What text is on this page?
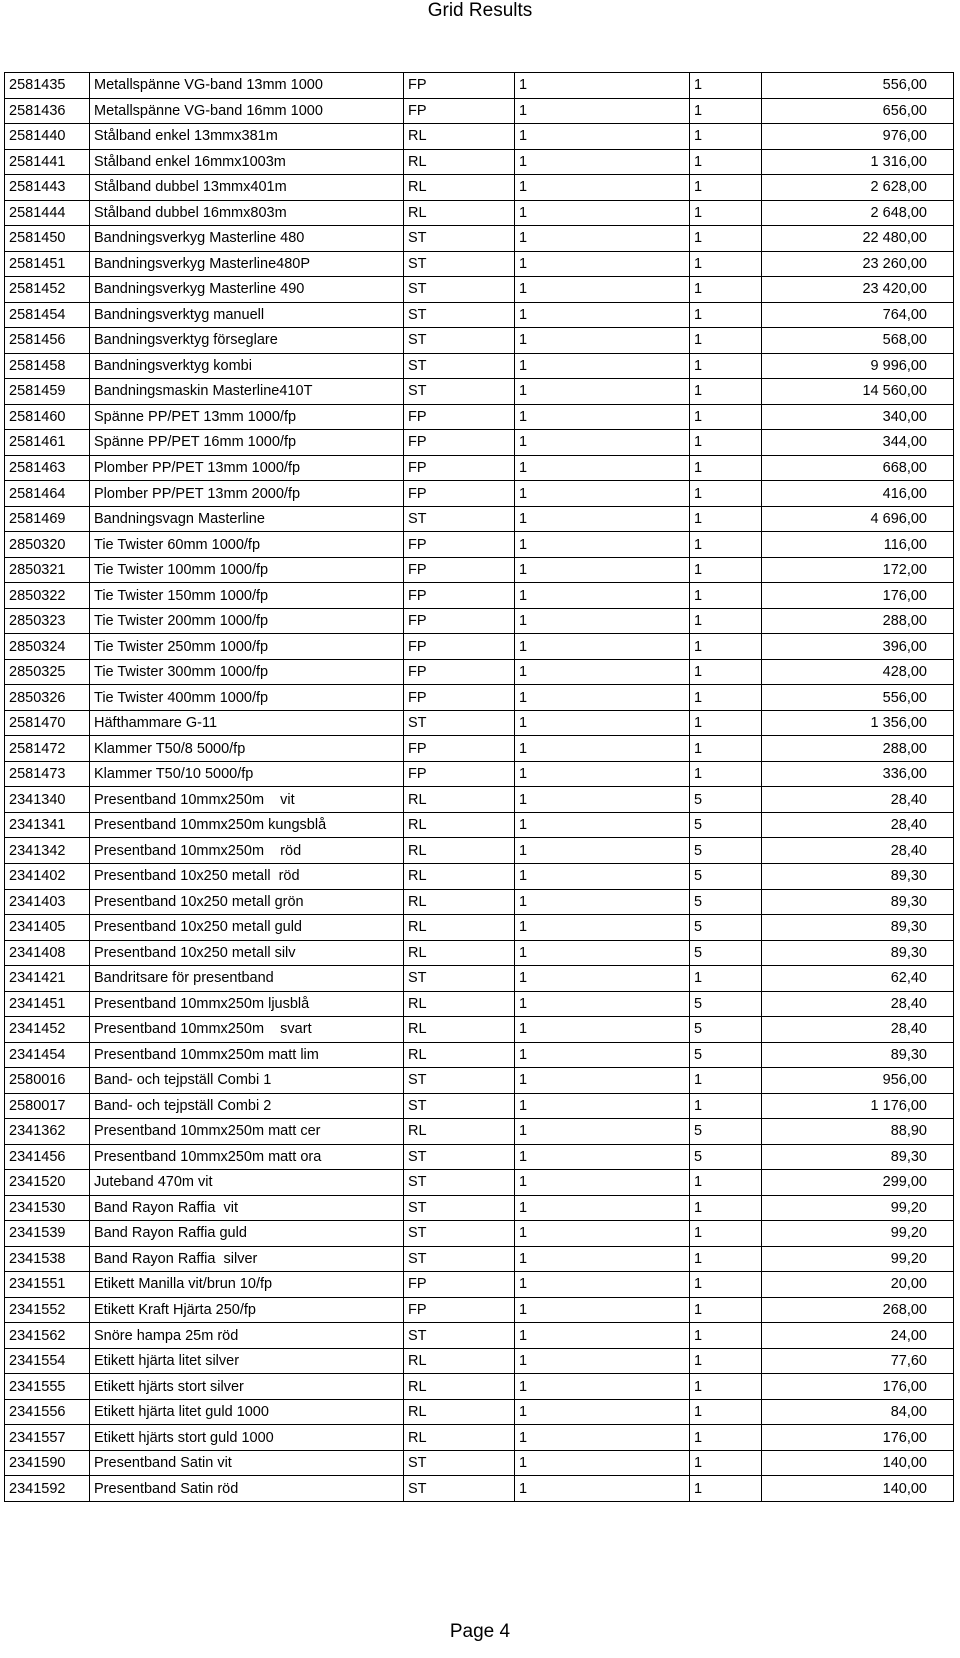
Grid Results
2581435	Metallspänne VG-band 13mm 1000	FP	1	1	556,00
2581436	Metallspänne VG-band 16mm 1000	FP	1	1	656,00
2581440	Stålband enkel 13mmx381m	RL	1	1	976,00
2581441	Stålband enkel 16mmx1003m	RL	1	1	1 316,00
2581443	Stålband dubbel 13mmx401m	RL	1	1	2 628,00
2581444	Stålband dubbel 16mmx803m	RL	1	1	2 648,00
2581450	Bandningsverkyg Masterline 480	ST	1	1	22 480,00
2581451	Bandningsverkyg Masterline480P	ST	1	1	23 260,00
2581452	Bandningsverkyg Masterline 490	ST	1	1	23 420,00
2581454	Bandningsverktyg manuell	ST	1	1	764,00
2581456	Bandningsverktyg förseglare	ST	1	1	568,00
2581458	Bandningsverktyg kombi	ST	1	1	9 996,00
2581459	Bandningsmaskin Masterline410T	ST	1	1	14 560,00
2581460	Spänne PP/PET 13mm 1000/fp	FP	1	1	340,00
2581461	Spänne PP/PET 16mm 1000/fp	FP	1	1	344,00
2581463	Plomber PP/PET 13mm 1000/fp	FP	1	1	668,00
2581464	Plomber PP/PET 13mm 2000/fp	FP	1	1	416,00
2581469	Bandningsvagn Masterline	ST	1	1	4 696,00
2850320	Tie Twister 60mm 1000/fp	FP	1	1	116,00
2850321	Tie Twister 100mm 1000/fp	FP	1	1	172,00
2850322	Tie Twister 150mm 1000/fp	FP	1	1	176,00
2850323	Tie Twister 200mm 1000/fp	FP	1	1	288,00
2850324	Tie Twister 250mm 1000/fp	FP	1	1	396,00
2850325	Tie Twister 300mm 1000/fp	FP	1	1	428,00
2850326	Tie Twister 400mm 1000/fp	FP	1	1	556,00
2581470	Häfthammare G-11	ST	1	1	1 356,00
2581472	Klammer T50/8 5000/fp	FP	1	1	288,00
2581473	Klammer T50/10 5000/fp	FP	1	1	336,00
2341340	Presentband 10mmx250m    vit	RL	1	5	28,40
2341341	Presentband 10mmx250m kungsblå	RL	1	5	28,40
2341342	Presentband 10mmx250m    röd	RL	1	5	28,40
2341402	Presentband 10x250 metall  röd	RL	1	5	89,30
2341403	Presentband 10x250 metall grön	RL	1	5	89,30
2341405	Presentband 10x250 metall guld	RL	1	5	89,30
2341408	Presentband 10x250 metall silv	RL	1	5	89,30
2341421	Bandritsare för presentband	ST	1	1	62,40
2341451	Presentband 10mmx250m ljusblå	RL	1	5	28,40
2341452	Presentband 10mmx250m    svart	RL	1	5	28,40
2341454	Presentband 10mmx250m matt lim	RL	1	5	89,30
2580016	Band- och tejpställ Combi 1	ST	1	1	956,00
2580017	Band- och tejpställ Combi 2	ST	1	1	1 176,00
2341362	Presentband 10mmx250m matt cer	RL	1	5	88,90
2341456	Presentband 10mmx250m matt ora	ST	1	5	89,30
2341520	Juteband 470m vit	ST	1	1	299,00
2341530	Band Rayon Raffia  vit	ST	1	1	99,20
2341539	Band Rayon Raffia guld	ST	1	1	99,20
2341538	Band Rayon Raffia  silver	ST	1	1	99,20
2341551	Etikett Manilla vit/brun 10/fp	FP	1	1	20,00
2341552	Etikett Kraft Hjärta 250/fp	FP	1	1	268,00
2341562	Snöre hampa 25m röd	ST	1	1	24,00
2341554	Etikett hjärta litet silver	RL	1	1	77,60
2341555	Etikett hjärts stort silver	RL	1	1	176,00
2341556	Etikett hjärta litet guld 1000	RL	1	1	84,00
2341557	Etikett hjärts stort guld 1000	RL	1	1	176,00
2341590	Presentband Satin vit	ST	1	1	140,00
2341592	Presentband Satin röd	ST	1	1	140,00
Page 4
